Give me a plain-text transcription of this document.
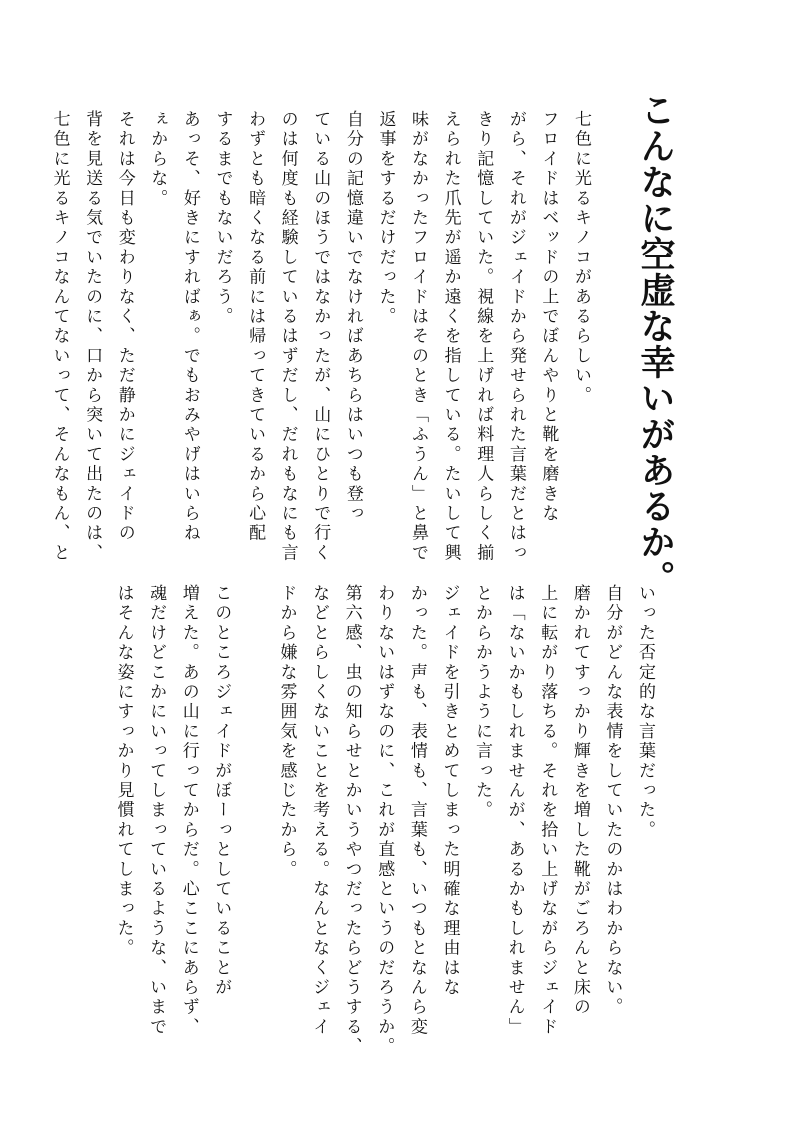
こんなに空虚な幸いがあるか。

七色に光るキノコがあるらしい。

フロイドはベッドの上でぼんやりと靴を磨きな

がら、それがジェイドから発せられた言葉だとはっ

きり記憶していた。視線を上げれば料理人らしく揃

えられた爪先が遥か遠くを指している。たいして興

味がなかったフロイドはそのとき「ふうん」と鼻で

返事をするだけだった。

自分の記憶違いでなければあちらはいつも登っ

ている山のほうではなかったが、山にひとりで行く

のは何度も経験しているはずだし、だれもなにも言

わずとも暗くなる前には帰ってきているから心配

するまでもないだろう。

あっそ、好きにすればぁ。でもおみやげはいらね

ぇからな。

それは今日も変わりなく、ただ静かにジェイドの

背を見送る気でいたのに、口から突いて出たのは、

七色に光るキノコなんてないって、そんなもん、と

いった否定的な言葉だった。

自分がどんな表情をしていたのかはわからない。

磨かれてすっかり輝きを増した靴がごろんと床の

上に転がり落ちる。それを拾い上げながらジェイド

は「ないかもしれませんが、あるかもしれません」

とからかうように言った。

ジェイドを引きとめてしまった明確な理由はな

かった。声も、表情も、言葉も、いつもとなんら変

わりないはずなのに、これが直感というのだろうか。

第六感、虫の知らせとかいうやつだったらどうする、

などとらしくないことを考える。なんとなくジェイ

ドから嫌な雰囲気を感じたから。

このところジェイドがぼーっとしていることが

増えた。あの山に行ってからだ。心ここにあらず、

魂だけどこかにいってしまっているような、いまで

はそんな姿にすっかり見慣れてしまった。
